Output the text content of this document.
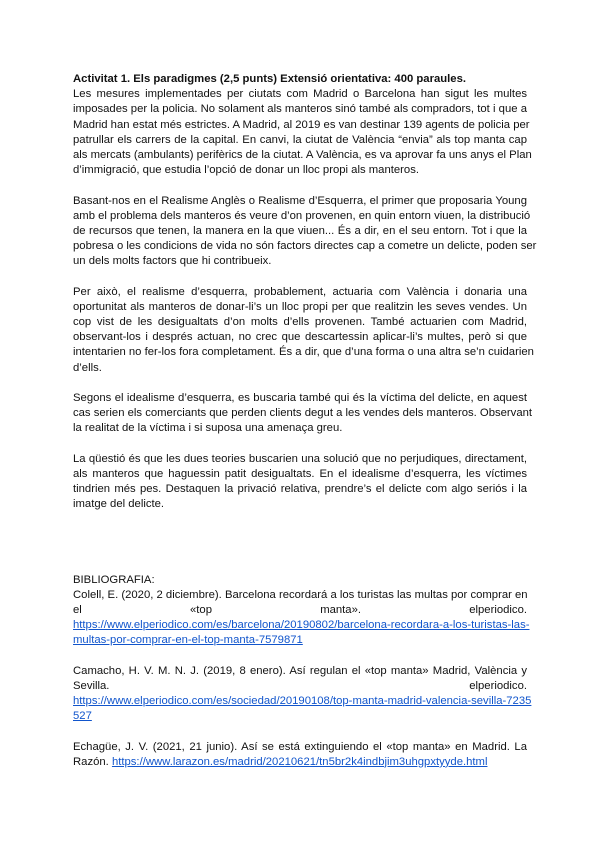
Activitat 1. Els paradigmes (2,5 punts) Extensió orientativa: 400 paraules.
Les mesures implementades per ciutats com Madrid o Barcelona han sigut les multes
imposades per la policia. No solament als manteros sinó també als compradors, tot i que a
Madrid han estat més estrictes. A Madrid, al 2019 es van destinar 139 agents de policia per
patrullar els carrers de la capital. En canvi, la ciutat de València “envia” als top manta cap
als mercats (ambulants) perifèrics de la ciutat. A València, es va aprovar fa uns anys el Plan
d’immigració, que estudia l’opció de donar un lloc propi als manteros.
Basant-nos en el Realisme Anglès o Realisme d’Esquerra, el primer que proposaria Young
amb el problema dels manteros és veure d’on provenen, en quin entorn viuen, la distribució
de recursos que tenen, la manera en la que viuen... És a dir, en el seu entorn. Tot i que la
pobresa o les condicions de vida no són factors directes cap a cometre un delicte, poden ser
un dels molts factors que hi contribueix.
Per això, el realisme d’esquerra, probablement, actuaria com València i donaria una
oportunitat als manteros de donar-li’s un lloc propi per que realitzin les seves vendes. Un
cop vist de les desigualtats d’on molts d’ells provenen. També actuarien com Madrid,
observant-los i després actuan, no crec que descartessin aplicar-li’s multes, però si que
intentarien no fer-los fora completament. És a dir, que d’una forma o una altra se’n cuidarien
d’ells.
Segons el idealisme d’esquerra, es buscaria també qui és la víctima del delicte, en aquest
cas serien els comerciants que perden clients degut a les vendes dels manteros. Observant
la realitat de la víctima i si suposa una amenaça greu.
La qüestió és que les dues teories buscarien una solució que no perjudiques, directament,
als manteros que haguessin patit desigualtats. En el idealisme d’esquerra, les víctimes
tindrien més pes. Destaquen la privació relativa, prendre’s el delicte com algo seriós i la
imatge del delicte.
BIBLIOGRAFIA:
Colell, E. (2020, 2 diciembre). Barcelona recordará a los turistas las multas por comprar en
el «top manta». elperiodico.
https://www.elperiodico.com/es/barcelona/20190802/barcelona-recordara-a-los-turistas-las-
multas-por-comprar-en-el-top-manta-7579871
Camacho, H. V. M. N. J. (2019, 8 enero). Así regulan el «top manta» Madrid, València y
Sevilla. elperiodico.
https://www.elperiodico.com/es/sociedad/20190108/top-manta-madrid-valencia-sevilla-7235
527
Echagüe, J. V. (2021, 21 junio). Así se está extinguiendo el «top manta» en Madrid. La
Razón. https://www.larazon.es/madrid/20210621/tn5br2k4indbjim3uhgpxtyyde.html
